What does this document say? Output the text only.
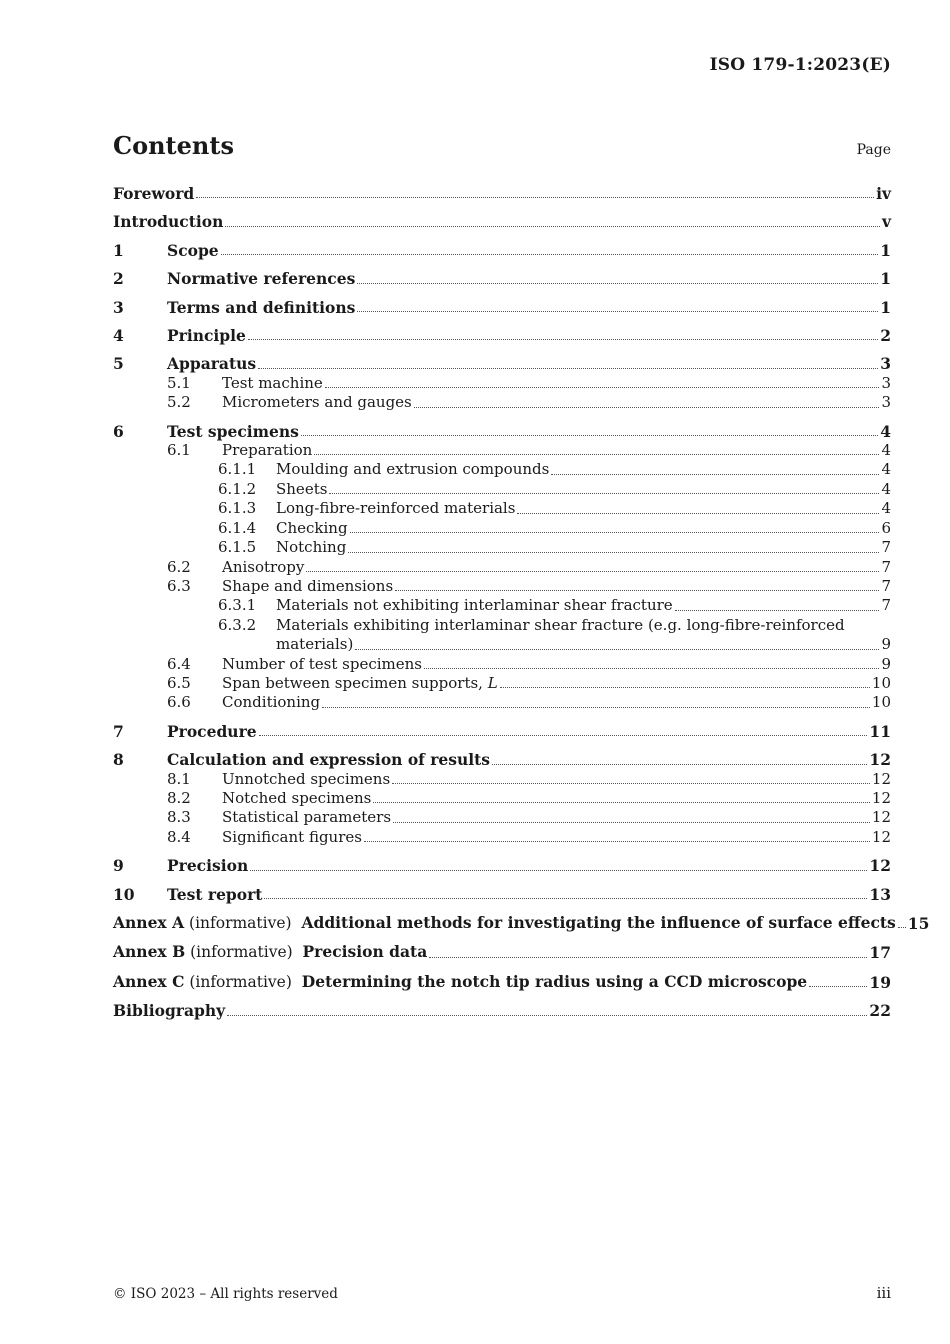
ISO 179-1:2023(E)
Contents	Page
Foreword	iv
Introduction	v
1	Scope	1
2	Normative references	1
3	Terms and definitions	1
4	Principle	2
5	Apparatus	3
5.1	Test machine	3
5.2	Micrometers and gauges	3
6	Test specimens	4
6.1	Preparation	4
6.1.1	Moulding and extrusion compounds	4
6.1.2	Sheets	4
6.1.3	Long-fibre-reinforced materials	4
6.1.4	Checking	6
6.1.5	Notching	7
6.2	Anisotropy	7
6.3	Shape and dimensions	7
6.3.1	Materials not exhibiting interlaminar shear fracture	7
6.3.2 Materials exhibiting interlaminar shear fracture (e.g. long-fibre-reinforced
materials)	9
6.4	Number of test specimens	9
6.5	Span between specimen supports, L	10
6.6	Conditioning	10
7	Procedure	11
8	Calculation and expression of results	12
8.1	Unnotched specimens	12
8.2	Notched specimens	12
8.3	Statistical parameters	12
8.4	Significant figures	12
9	Precision	12
10	Test report	13
Annex A (informative)  Additional methods for investigating the influence of surface effects 15
Annex B (informative)  Precision data	17
Annex C (informative)  Determining the notch tip radius using a CCD microscope	19
Bibliography	22
© ISO 2023 – All rights reserved	iii
